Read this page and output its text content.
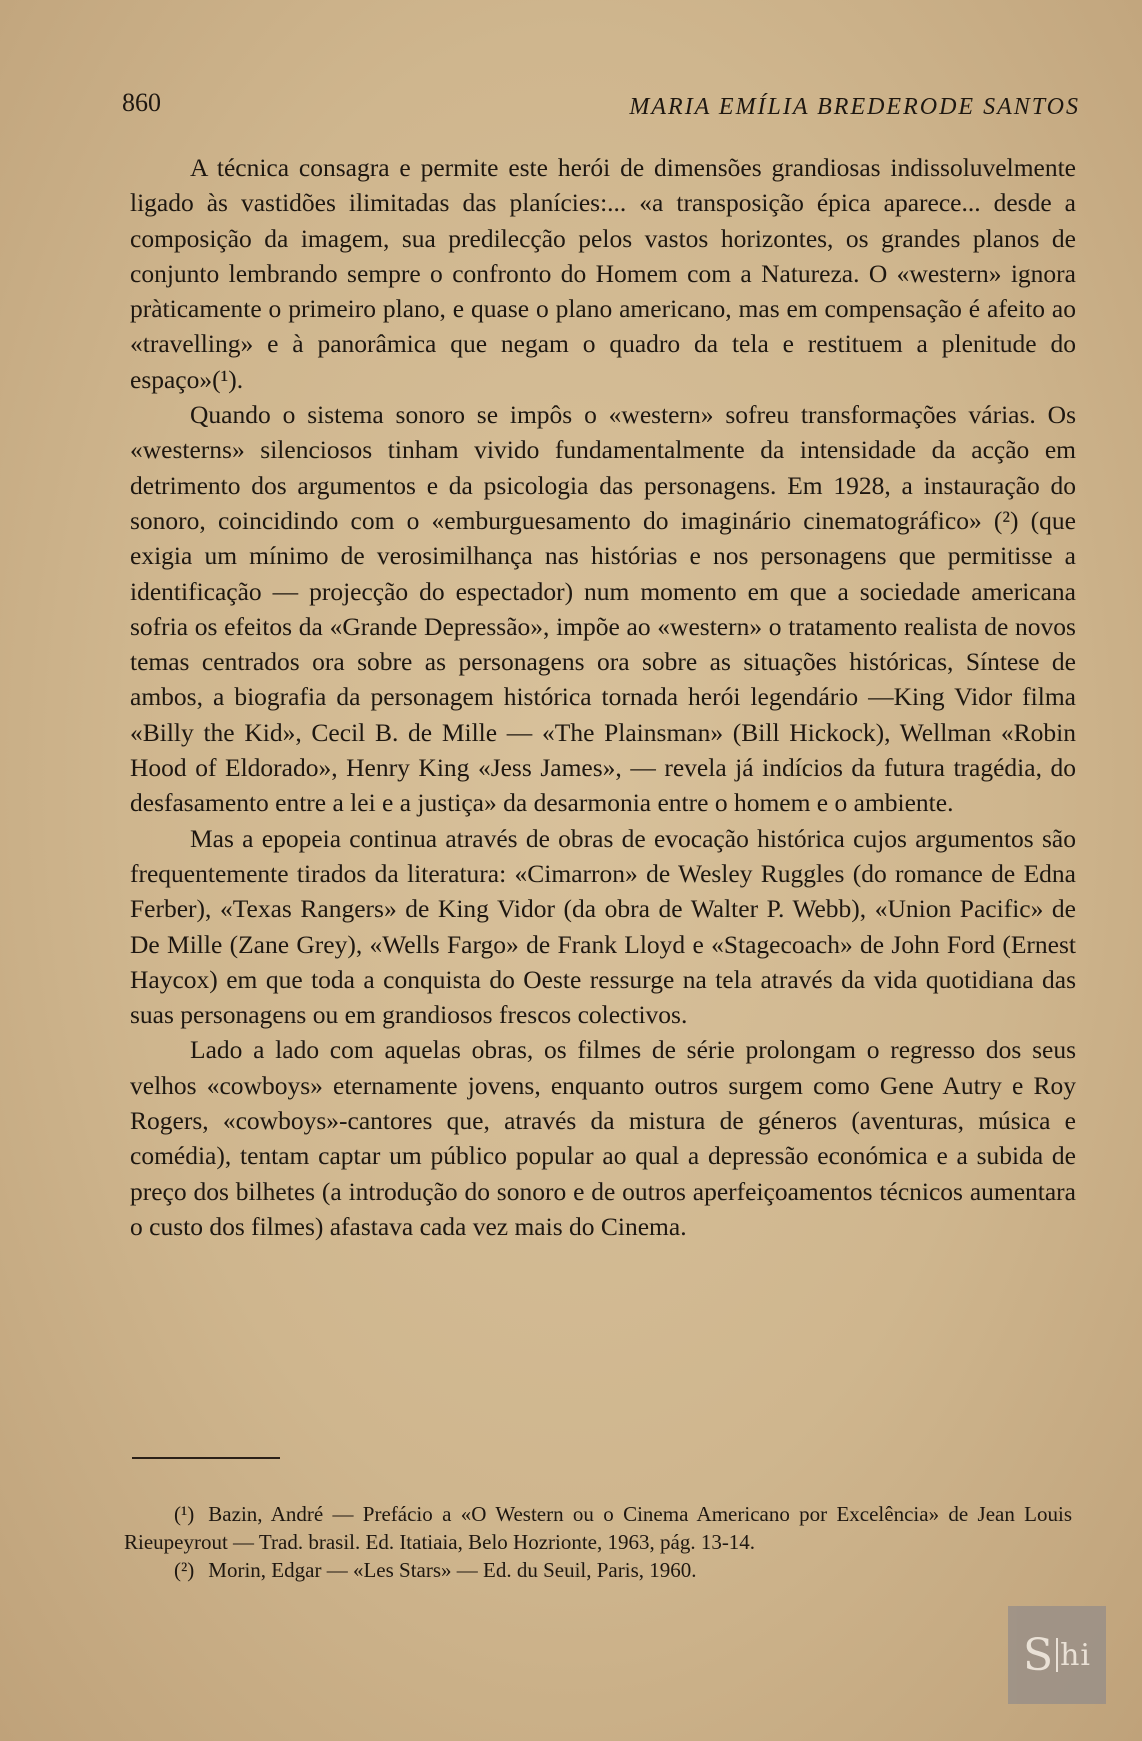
860	MARIA EMÍLIA BREDERODE SANTOS

A técnica consagra e permite este herói de dimensões grandiosas indissoluvelmente ligado às vastidões ilimitadas das planícies:... «a transposição épica aparece... desde a composição da imagem, sua predilecção pelos vastos horizontes, os grandes planos de conjunto lembrando sempre o confronto do Homem com a Natureza. O «western» ignora pràticamente o primeiro plano, e quase o plano americano, mas em compensação é afeito ao «travelling» e à panorâmica que negam o quadro da tela e restituem a plenitude do espaço»(¹).

Quando o sistema sonoro se impôs o «western» sofreu transformações várias. Os «westerns» silenciosos tinham vivido fundamentalmente da intensidade da acção em detrimento dos argumentos e da psicologia das personagens. Em 1928, a instauração do sonoro, coincidindo com o «emburguesamento do imaginário cinematográfico» (²) (que exigia um mínimo de verosimilhança nas histórias e nos personagens que permitisse a identificação — projecção do espectador) num momento em que a sociedade americana sofria os efeitos da «Grande Depressão», impõe ao «western» o tratamento realista de novos temas centrados ora sobre as personagens ora sobre as situações históricas, Síntese de ambos, a biografia da personagem histórica tornada herói legendário —King Vidor filma «Billy the Kid», Cecil B. de Mille — «The Plainsman» (Bill Hickock), Wellman «Robin Hood of Eldorado», Henry King «Jess James», — revela já indícios da futura tragédia, do desfasamento entre a lei e a justiça» da desarmonia entre o homem e o ambiente.

Mas a epopeia continua através de obras de evocação histórica cujos argumentos são frequentemente tirados da literatura: «Cimarron» de Wesley Ruggles (do romance de Edna Ferber), «Texas Rangers» de King Vidor (da obra de Walter P. Webb), «Union Pacific» de De Mille (Zane Grey), «Wells Fargo» de Frank Lloyd e «Stagecoach» de John Ford (Ernest Haycox) em que toda a conquista do Oeste ressurge na tela através da vida quotidiana das suas personagens ou em grandiosos frescos colectivos.

Lado a lado com aquelas obras, os filmes de série prolongam o regresso dos seus velhos «cowboys» eternamente jovens, enquanto outros surgem como Gene Autry e Roy Rogers, «cowboys»-cantores que, através da mistura de géneros (aventuras, música e comédia), tentam captar um público popular ao qual a depressão económica e a subida de preço dos bilhetes (a introdução do sonoro e de outros aperfeiçoamentos técnicos aumentara o custo dos filmes) afastava cada vez mais do Cinema.

(¹) Bazin, André — Prefácio a «O Western ou o Cinema Americano por Excelência» de Jean Louis Rieupeyrout — Trad. brasil. Ed. Itatiaia, Belo Hozrionte, 1963, pág. 13-14.

(²) Morin, Edgar — «Les Stars» — Ed. du Seuil, Paris, 1960.

S hi
